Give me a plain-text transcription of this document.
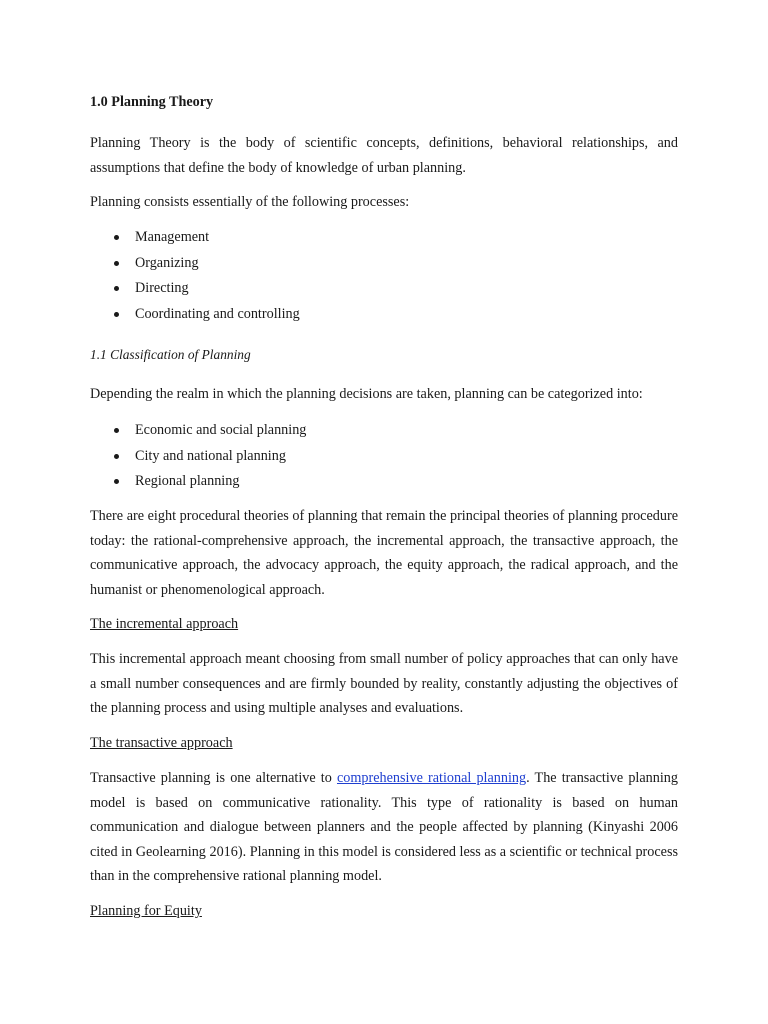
1.0 Planning Theory

Planning Theory is the body of scientific concepts, definitions, behavioral relationships, and assumptions that define the body of knowledge of urban planning.

Planning consists essentially of the following processes:

Management
Organizing
Directing
Coordinating and controlling
1.1 Classification of Planning

Depending the realm in which the planning decisions are taken, planning can be categorized into:

Economic and social planning
City and national planning
Regional planning

There are eight procedural theories of planning that remain the principal theories of planning procedure today: the rational-comprehensive approach, the incremental approach, the transactive approach, the communicative approach, the advocacy approach, the equity approach, the radical approach, and the humanist or phenomenological approach.

The incremental approach

This incremental approach meant choosing from small number of policy approaches that can only have a small number consequences and are firmly bounded by reality, constantly adjusting the objectives of the planning process and using multiple analyses and evaluations.

The transactive approach

Transactive planning is one alternative to comprehensive rational planning. The transactive planning model is based on communicative rationality. This type of rationality is based on human communication and dialogue between planners and the people affected by planning (Kinyashi 2006 cited in Geolearning 2016). Planning in this model is considered less as a scientific or technical process than in the comprehensive rational planning model.

Planning for Equity
